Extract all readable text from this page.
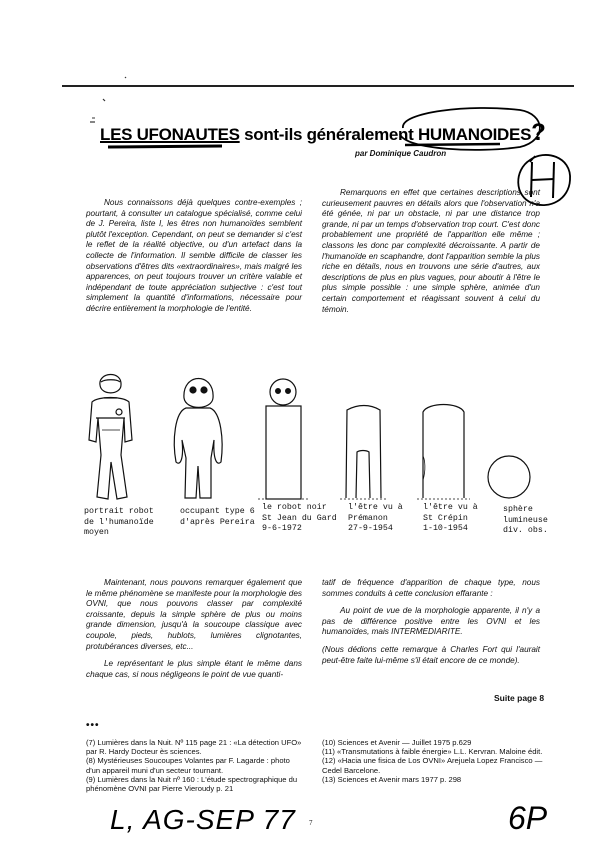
LES UFONAUTES sont-ils généralement HUMANOIDES?
par Dominique Caudron

Nous connaissons déjà quelques contre-exemples ; pourtant, à consulter un catalogue spécialisé, comme celui de J. Pereira, liste I, les êtres non humanoïdes semblent plutôt l'exception. Cependant, on peut se demander si c'est le reflet de la réalité objective, ou d'un artefact dans la collecte de l'information. Il semble difficile de classer les observations d'êtres dits «extraordinaires», mais malgré les apparences, on peut toujours trouver un critère valable et indépendant de toute appréciation subjective : c'est tout simplement la quantité d'informations, nécessaire pour décrire entièrement la morphologie de l'entité.

Remarquons en effet que certaines descriptions sont curieusement pauvres en détails alors que l'observation n'a été génée, ni par un obstacle, ni par une distance trop grande, ni par un temps d'observation trop court. C'est donc probablement une propriété de l'apparition elle même ; classons les donc par complexité décroissante. A partir de l'humanoïde en scaphandre, dont l'apparition semble la plus riche en détails, nous en trouvons une série d'autres, aux descriptions de plus en plus vagues, pour aboutir à l'être le plus simple possible : une simple sphère, animée d'un certain comportement et réagissant souvent à celui du témoin.

portrait robot
de l'humanoïde
moyen
occupant type 6
d'après Pereira
le robot noir
St Jean du Gard
9-6-1972
l'être vu à
Prémanon
27-9-1954
l'être vu à
St Crépin
1-10-1954
sphère
lumineuse
div. obs.

Maintenant, nous pouvons remarquer également que le même phénomène se manifeste pour la morphologie des OVNI, que nous pouvons classer par complexité croissante, depuis la simple sphère de plus ou moins grande dimension, jusqu'à la soucoupe classique avec coupole, pieds, hublots, lumières clignotantes, protubérances diverses, etc...

Le représentant le plus simple étant le même dans chaque cas, si nous négligeons le point de vue quanti-

tatif de fréquence d'apparition de chaque type, nous sommes conduits à cette conclusion effarante :

Au point de vue de la morphologie apparente, il n'y a pas de différence positive entre les OVNI et les humanoïdes, mais INTERMEDIARITE.

(Nous dédions cette remarque à Charles Fort qui l'aurait peut-être faite lui-même s'il était encore de ce monde).

Suite page 8
•••
(7) Lumières dans la Nuit. Nº 115 page 21 : «La détection UFO» par R. Hardy Docteur ès sciences.
(8) Mystérieuses Soucoupes Volantes par F. Lagarde : photo d'un appareil muni d'un secteur tournant.
(9) Lumières dans la Nuit nº 160 : L'étude spectrographique du phénomène OVNI par Pierre Vieroudy p. 21
(10) Sciences et Avenir — Juillet 1975 p.629
(11) «Transmutations à faible énergie» L.L. Kervran. Maloine édit.
(12) «Hacia une fisica de Los OVNI» Arejuela Lopez Francisco — Cedel Barcelone.
(13) Sciences et Avenir mars 1977 p. 298
L, AG-SEP 77	6P
7
